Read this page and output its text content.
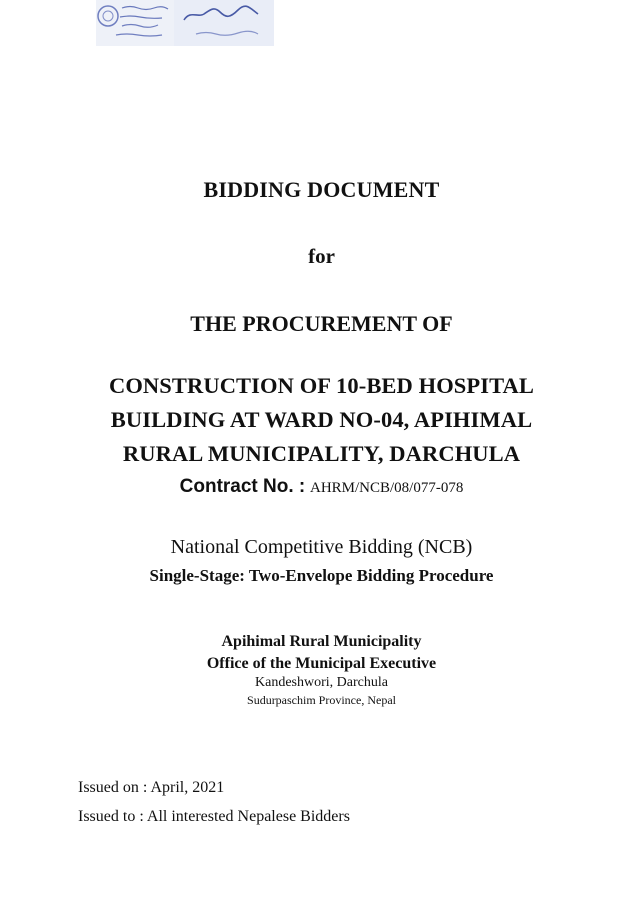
BIDDING DOCUMENT
for
THE PROCUREMENT OF
CONSTRUCTION OF 10-BED HOSPITAL
BUILDING AT WARD NO-04, APIHIMAL
RURAL MUNICIPALITY, DARCHULA
Contract No. : AHRM/NCB/08/077-078
National Competitive Bidding (NCB)
Single-Stage: Two-Envelope Bidding Procedure
Apihimal Rural Municipality
Office of the Municipal Executive
Kandeshwori, Darchula
Sudurpaschim Province, Nepal
Issued on : April, 2021
Issued to : All interested Nepalese Bidders
